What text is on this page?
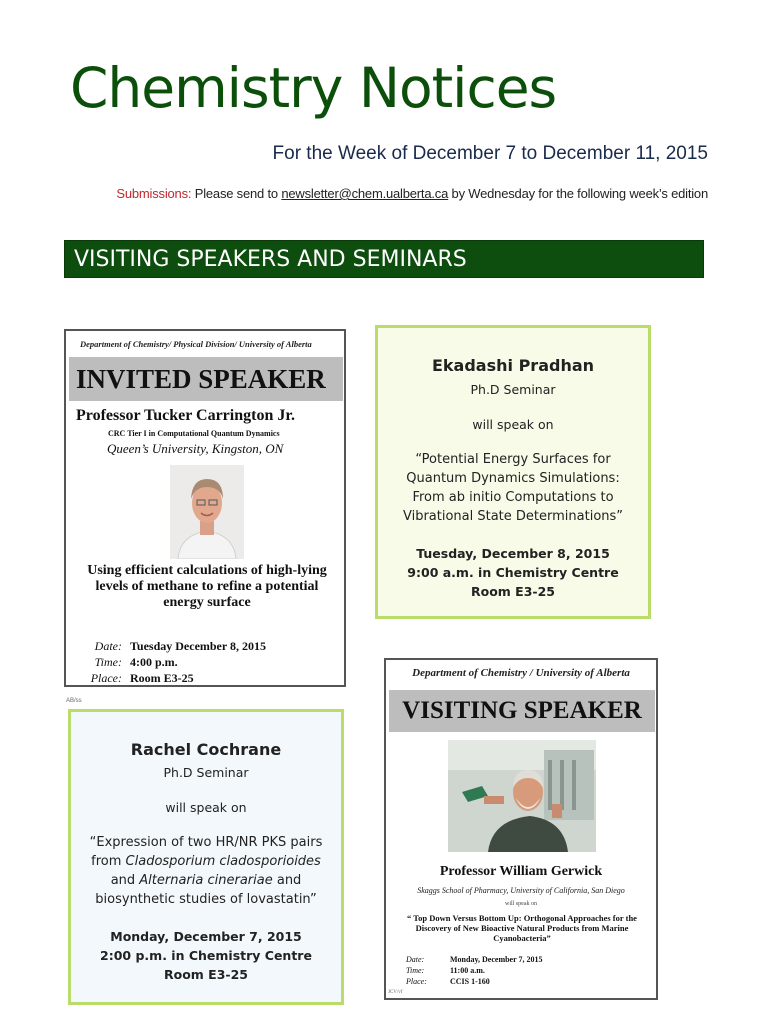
Chemistry Notices
For the Week of December 7 to December 11, 2015
Submissions: Please send to newsletter@chem.ualberta.ca by Wednesday for the following week’s edition
VISITING SPEAKERS AND SEMINARS
Department of Chemistry/ Physical Division/ University of Alberta
INVITED SPEAKER
Professor Tucker Carrington Jr.
CRC Tier I in Computational Quantum Dynamics
Queen’s University, Kingston, ON
Using efficient calculations of high-lying levels of methane to refine a potential energy surface
Date: Tuesday December 8, 2015
Time: 4:00 p.m.
Place: Room E3-25
AB/ss
Ekadashi Pradhan
Ph.D Seminar
will speak on
“Potential Energy Surfaces for Quantum Dynamics Simulations: From ab initio Computations to Vibrational State Determinations”
Tuesday, December 8, 2015
9:00 a.m. in Chemistry Centre
Room E3-25
Rachel Cochrane
Ph.D Seminar
will speak on
“Expression of two HR/NR PKS pairs from Cladosporium cladosporioides and Alternaria cinerariae and biosynthetic studies of lovastatin”
Monday, December 7, 2015
2:00 p.m. in Chemistry Centre
Room E3-25
Department of Chemistry / University of Alberta
VISITING SPEAKER
Professor William Gerwick
Skaggs School of Pharmacy, University of California, San Diego
will speak on
“ Top Down Versus Bottom Up: Orthogonal Approaches for the Discovery of New Bioactive Natural Products from Marine Cyanobacteria”
Date:	Monday, December 7, 2015
Time:	11:00 a.m.
Place:	CCIS 1-160
JCV/vf
